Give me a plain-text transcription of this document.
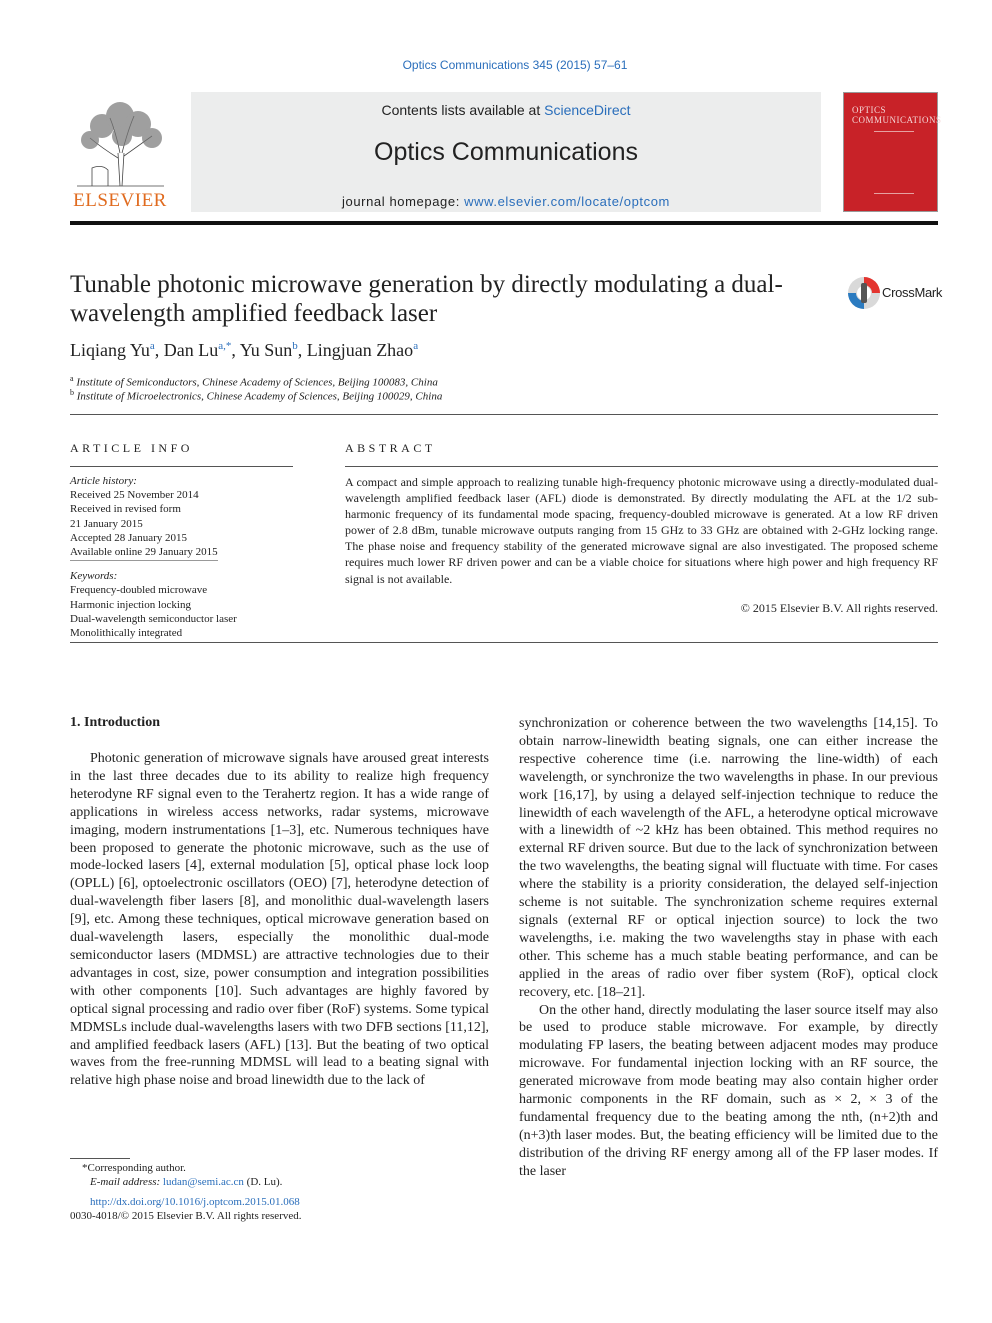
Optics Communications 345 (2015) 57–61
ELSEVIER
Contents lists available at ScienceDirect
Optics Communications
journal homepage: www.elsevier.com/locate/optcom
OPTICS COMMUNICATIONS
Tunable photonic microwave generation by directly modulating a dual-wavelength amplified feedback laser
CrossMark
Liqiang Yu$^a$, Dan $Lu^{a,*}$, Yu Sun$^b$, Lingjuan Zhao$^a$
$^a$ Institute of Semiconductors, Chinese Academy of Sciences, Beijing 100083, China
$^b$ Institute of Microelectronics, Chinese Academy of Sciences, Beijing 100029, China
ARTICLE INFO	ABSTRACT
Article history:
Received 25 November 2014
Received in revised form
21 January 2015
Accepted 28 January 2015
Available online 29 January 2015
Keywords:
Frequency-doubled microwave
Harmonic injection locking
Dual-wavelength semiconductor laser
Monolithically integrated
A compact and simple approach to realizing tunable high-frequency photonic microwave using a directly-modulated dual-wavelength amplified feedback laser (AFL) diode is demonstrated. By directly modulating the AFL at the 1/2 sub-harmonic frequency of its fundamental mode spacing, frequency-doubled microwave is generated. At a low RF driven power of 2.8 dBm, tunable microwave outputs ranging from 15 GHz to 33 GHz are obtained with 2-GHz locking range. The phase noise and frequency stability of the generated microwave signal are also investigated. The proposed scheme requires much lower RF driven power and can be a viable choice for situations where high power and high frequency RF signal is not available.
© 2015 Elsevier B.V. All rights reserved.
1. Introduction

Photonic generation of microwave signals have aroused great interests in the last three decades due to its ability to realize high frequency heterodyne RF signal even to the Terahertz region. It has a wide range of applications in wireless access networks, radar systems, microwave imaging, modern instrumentations [1–3], etc. Numerous techniques have been proposed to generate the photonic microwave, such as the use of mode-locked lasers [4], external modulation [5], optical phase lock loop (OPLL) [6], optoelectronic oscillators (OEO) [7], heterodyne detection of dual-wavelength fiber lasers [8], and monolithic dual-wavelength lasers [9], etc. Among these techniques, optical microwave generation based on dual-wavelength lasers, especially the monolithic dual-mode semiconductor lasers (MDMSL) are attractive technologies due to their advantages in cost, size, power consumption and integration possibilities with other components [10]. Such advantages are highly favored by optical signal processing and radio over fiber (RoF) systems. Some typical MDMSLs include dual-wavelengths lasers with two DFB sections [11,12], and amplified feedback lasers (AFL) [13]. But the beating of two optical waves from the free-running MDMSL will lead to a beating signal with relative high phase noise and broad linewidth due to the lack of

synchronization or coherence between the two wavelengths [14,15]. To obtain narrow-linewidth beating signals, one can either increase the respective coherence time (i.e. narrowing the line-width) of each wavelength, or synchronize the two wavelengths in phase. In our previous work [16,17], by using a delayed self-injection technique to reduce the linewidth of each wavelength of the AFL, a heterodyne optical microwave with a linewidth of ~2 kHz has been obtained. This method requires no external RF driven source. But due to the lack of synchronization between the two wavelengths, the beating signal will fluctuate with time. For cases where the stability is a priority consideration, the delayed self-injection scheme is not suitable. The synchronization scheme requires external signals (external RF or optical injection source) to lock the two wavelengths, i.e. making the two wavelengths stay in phase with each other. This scheme has a much stable beating performance, and can be applied in the areas of radio over fiber system (RoF), optical clock recovery, etc. [18–21].

On the other hand, directly modulating the laser source itself may also be used to produce stable microwave. For example, by directly modulating FP lasers, the beating between adjacent modes may produce microwave. For fundamental injection locking with an RF source, the generated microwave from mode beating may also contain higher order harmonic components in the RF domain, such as × 2, × 3 of the fundamental frequency due to the beating among the nth, (n+2)th and (n+3)th laser modes. But, the beating efficiency will be limited due to the distribution of the driving RF energy among all of the FP laser modes. If the laser

*Corresponding author.
E-mail address: ludan@semi.ac.cn (D. Lu).
http://dx.doi.org/10.1016/j.optcom.2015.01.068
0030-4018/© 2015 Elsevier B.V. All rights reserved.
